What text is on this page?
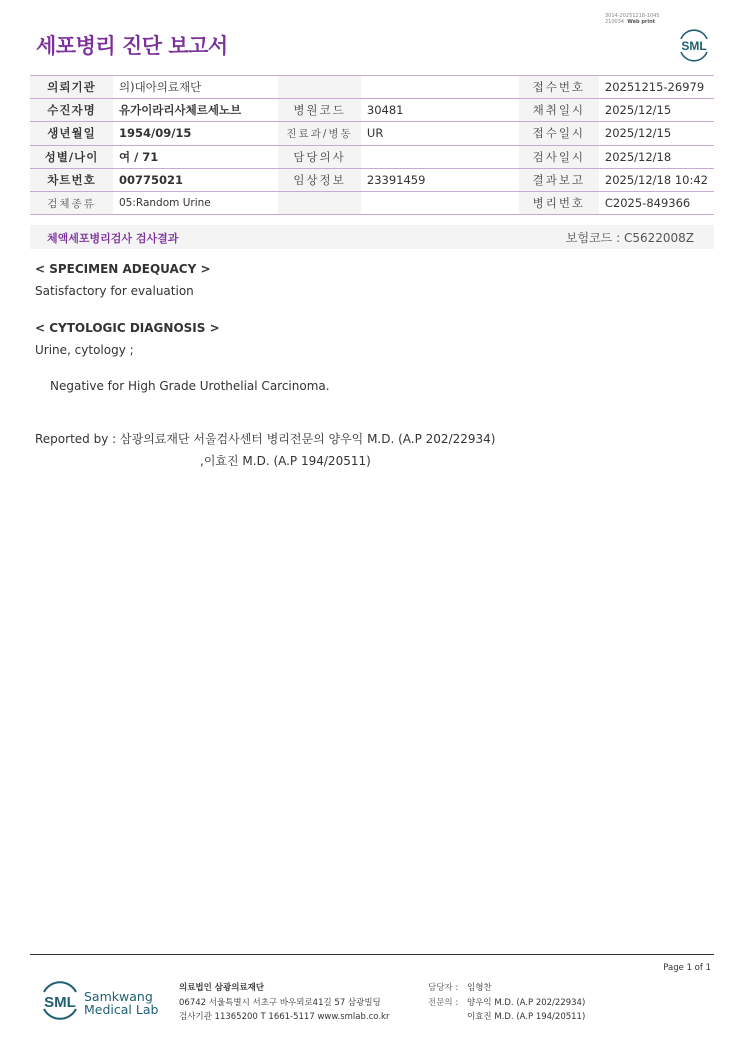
3014-20251218-1045
210034 Web print
세포병리 진단 보고서	SML
의뢰기관	의)대아의료재단			접수번호	20251215-26979
수진자명	유가이라리사체르세노브	병원코드	30481	채취일시	2025/12/15
생년월일	1954/09/15	진료과/병동	UR	접수일시	2025/12/15
성별/나이	여 / 71	담당의사		검사일시	2025/12/18
차트번호	00775021	임상정보	23391459	결과보고	2025/12/18 10:42
검체종류	05:Random Urine			병리번호	C2025-849366
체액세포병리검사 검사결과	보험코드 : C5622008Z
< SPECIMEN ADEQUACY >
Satisfactory for evaluation
< CYTOLOGIC DIAGNOSIS >
Urine, cytology ;
Negative for High Grade Urothelial Carcinoma.
Reported by : 삼광의료재단 서울검사센터 병리전문의 양우익 M.D. (A.P 202/22934)
,이효진 M.D. (A.P 194/20511)
Page 1 of 1
SML Samkwang
Medical Lab
의료법인 삼광의료재단
06742 서울특별시 서초구 바우뫼로41길 57 삼광빌딩
검사기관 11365200 T 1661-5117 www.smlab.co.kr
담당자 : 임형찬
전문의 : 양우익 M.D. (A.P 202/22934)
이효진 M.D. (A.P 194/20511)
